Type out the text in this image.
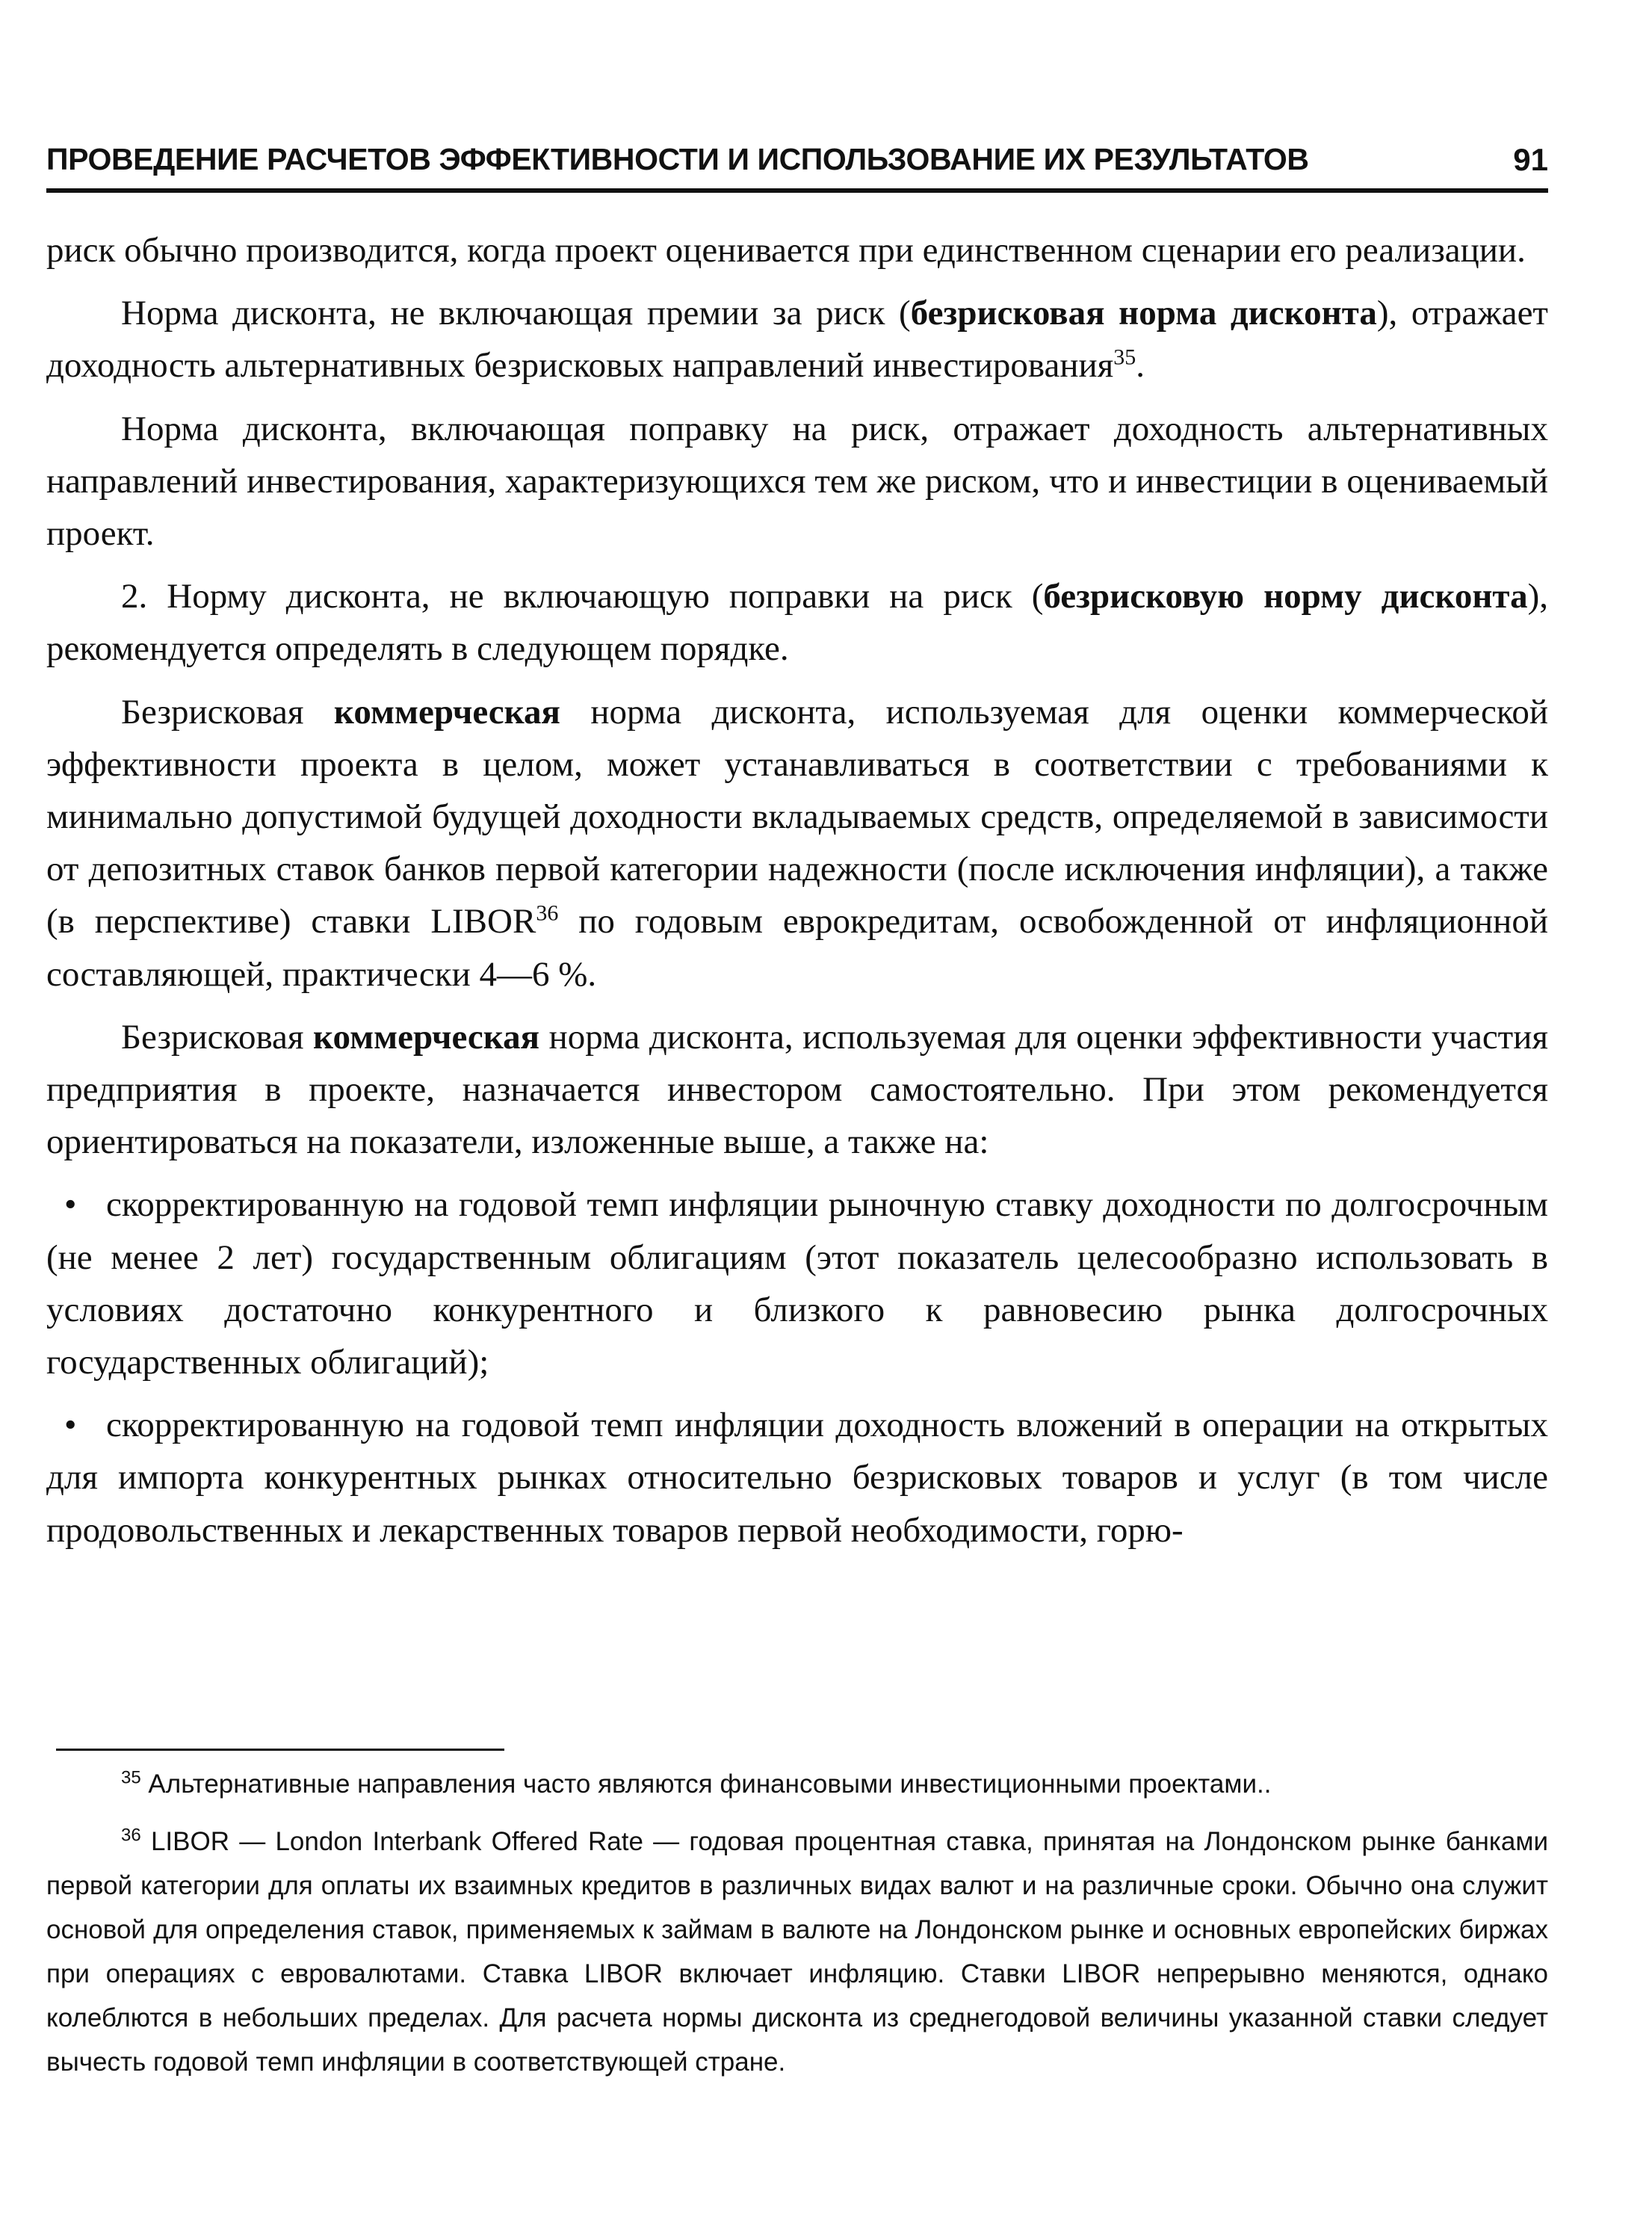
ПРОВЕДЕНИЕ РАСЧЕТОВ ЭФФЕКТИВНОСТИ И ИСПОЛЬЗОВАНИЕ ИХ РЕЗУЛЬТАТОВ	91

риск обычно производится, когда проект оценивается при единственном сценарии его реализации.

Норма дисконта, не включающая премии за риск (безрисковая норма дисконта), отражает доходность альтернативных безрисковых направлений инвестирования$^{35}$.

Норма дисконта, включающая поправку на риск, отражает доходность альтернативных направлений инвестирования, характеризующихся тем же риском, что и инвестиции в оцениваемый проект.

2. Норму дисконта, не включающую поправки на риск (безрисковую норму дисконта), рекомендуется определять в следующем порядке.

Безрисковая коммерческая норма дисконта, используемая для оценки коммерческой эффективности проекта в целом, может устанавливаться в соответствии с требованиями к минимально допустимой будущей доходности вкладываемых средств, определяемой в зависимости от депозитных ставок банков первой категории надежности (после исключения инфляции), а также (в перспективе) ставки LIBOR$^{36}$ по годовым еврокредитам, освобожденной от инфляционной составляющей, практически 4—6 %.

Безрисковая коммерческая норма дисконта, используемая для оценки эффективности участия предприятия в проекте, назначается инвестором самостоятельно. При этом рекомендуется ориентироваться на показатели, изложенные выше, а также на:

• скорректированную на годовой темп инфляции рыночную ставку доходности по долгосрочным (не менее 2 лет) государственным облигациям (этот показатель целесообразно использовать в условиях достаточно конкурентного и близкого к равновесию рынка долгосрочных государственных облигаций);

• скорректированную на годовой темп инфляции доходность вложений в операции на открытых для импорта конкурентных рынках относительно безрисковых товаров и услуг (в том числе продовольственных и лекарственных товаров первой необходимости, горю-

$^{35}$ Альтернативные направления часто являются финансовыми инвестиционными проектами..

$^{36}$ LIBOR — London Interbank Offered Rate — годовая процентная ставка, принятая на Лондонском рынке банками первой категории для оплаты их взаимных кредитов в различных видах валют и на различные сроки. Обычно она служит основой для определения ставок, применяемых к займам в валюте на Лондонском рынке и основных европейских биржах при операциях с евровалютами. Ставка LIBOR включает инфляцию. Ставки LIBOR непрерывно меняются, однако колеблются в небольших пределах. Для расчета нормы дисконта из среднегодовой величины указанной ставки следует вычесть годовой темп инфляции в соответствующей стране.
